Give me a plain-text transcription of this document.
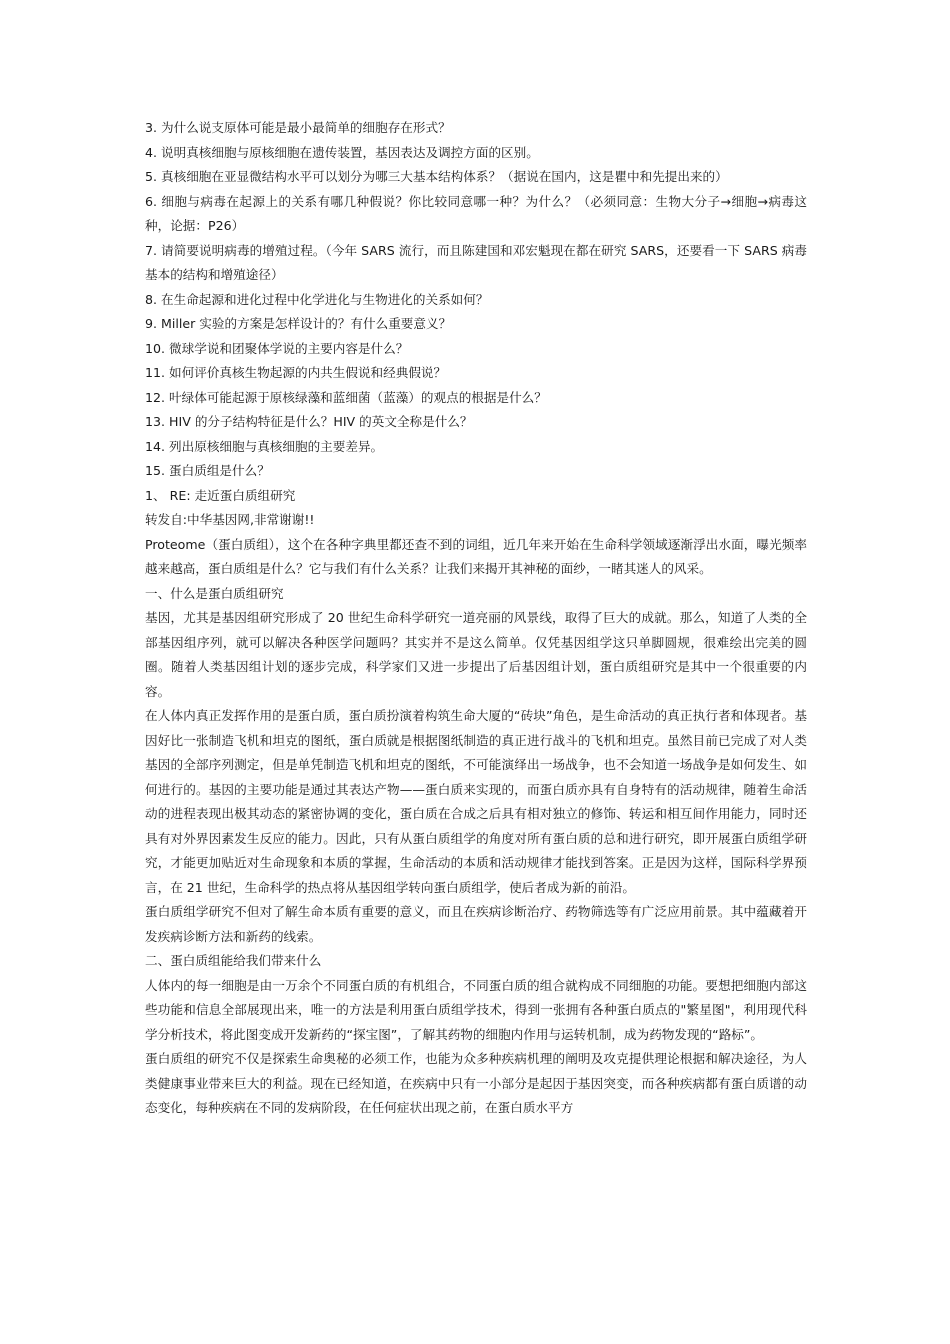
3. 为什么说支原体可能是最小最简单的细胞存在形式？

4. 说明真核细胞与原核细胞在遗传装置，基因表达及调控方面的区别。

5. 真核细胞在亚显微结构水平可以划分为哪三大基本结构体系？（据说在国内，这是瞿中和先提出来的）

6. 细胞与病毒在起源上的关系有哪几种假说？你比较同意哪一种？为什么？（必须同意：生物大分子→细胞→病毒这种，论据：P26）

7. 请简要说明病毒的增殖过程。（今年 SARS 流行，而且陈建国和邓宏魁现在都在研究 SARS，还要看一下 SARS 病毒基本的结构和增殖途径）

8. 在生命起源和进化过程中化学进化与生物进化的关系如何？

9. Miller 实验的方案是怎样设计的？有什么重要意义？

10. 微球学说和团聚体学说的主要内容是什么？

11. 如何评价真核生物起源的内共生假说和经典假说？

12. 叶绿体可能起源于原核绿藻和蓝细菌（蓝藻）的观点的根据是什么？

13. HIV 的分子结构特征是什么？HIV 的英文全称是什么？

14. 列出原核细胞与真核细胞的主要差异。

15. 蛋白质组是什么？

1、 RE: 走近蛋白质组研究

转发自:中华基因网,非常谢谢!!

Proteome（蛋白质组），这个在各种字典里都还查不到的词组，近几年来开始在生命科学领域逐渐浮出水面，曝光频率越来越高，蛋白质组是什么？它与我们有什么关系？让我们来揭开其神秘的面纱，一睹其迷人的风采。

一、什么是蛋白质组研究

基因，尤其是基因组研究形成了 20 世纪生命科学研究一道亮丽的风景线，取得了巨大的成就。那么，知道了人类的全部基因组序列，就可以解决各种医学问题吗？其实并不是这么简单。仅凭基因组学这只单脚圆规，很难绘出完美的圆圈。随着人类基因组计划的逐步完成，科学家们又进一步提出了后基因组计划，蛋白质组研究是其中一个很重要的内容。

在人体内真正发挥作用的是蛋白质，蛋白质扮演着构筑生命大厦的“砖块”角色，是生命活动的真正执行者和体现者。基因好比一张制造飞机和坦克的图纸，蛋白质就是根据图纸制造的真正进行战斗的飞机和坦克。虽然目前已完成了对人类基因的全部序列测定，但是单凭制造飞机和坦克的图纸，不可能演绎出一场战争，也不会知道一场战争是如何发生、如何进行的。基因的主要功能是通过其表达产物——蛋白质来实现的，而蛋白质亦具有自身特有的活动规律，随着生命活动的进程表现出极其动态的紧密协调的变化，蛋白质在合成之后具有相对独立的修饰、转运和相互间作用能力，同时还具有对外界因素发生反应的能力。因此，只有从蛋白质组学的角度对所有蛋白质的总和进行研究，即开展蛋白质组学研究，才能更加贴近对生命现象和本质的掌握，生命活动的本质和活动规律才能找到答案。正是因为这样，国际科学界预言，在 21 世纪，生命科学的热点将从基因组学转向蛋白质组学，使后者成为新的前沿。

蛋白质组学研究不但对了解生命本质有重要的意义，而且在疾病诊断治疗、药物筛选等有广泛应用前景。其中蕴藏着开发疾病诊断方法和新药的线索。

二、蛋白质组能给我们带来什么

人体内的每一细胞是由一万余个不同蛋白质的有机组合，不同蛋白质的组合就构成不同细胞的功能。要想把细胞内部这些功能和信息全部展现出来，唯一的方法是利用蛋白质组学技术，得到一张拥有各种蛋白质点的"繁星图"，利用现代科学分析技术，将此图变成开发新药的“探宝图”，了解其药物的细胞内作用与运转机制，成为药物发现的“路标”。

蛋白质组的研究不仅是探索生命奥秘的必须工作，也能为众多种疾病机理的阐明及攻克提供理论根据和解决途径，为人类健康事业带来巨大的利益。现在已经知道，在疾病中只有一小部分是起因于基因突变，而各种疾病都有蛋白质谱的动态变化，每种疾病在不同的发病阶段，在任何症状出现之前，在蛋白质水平方
